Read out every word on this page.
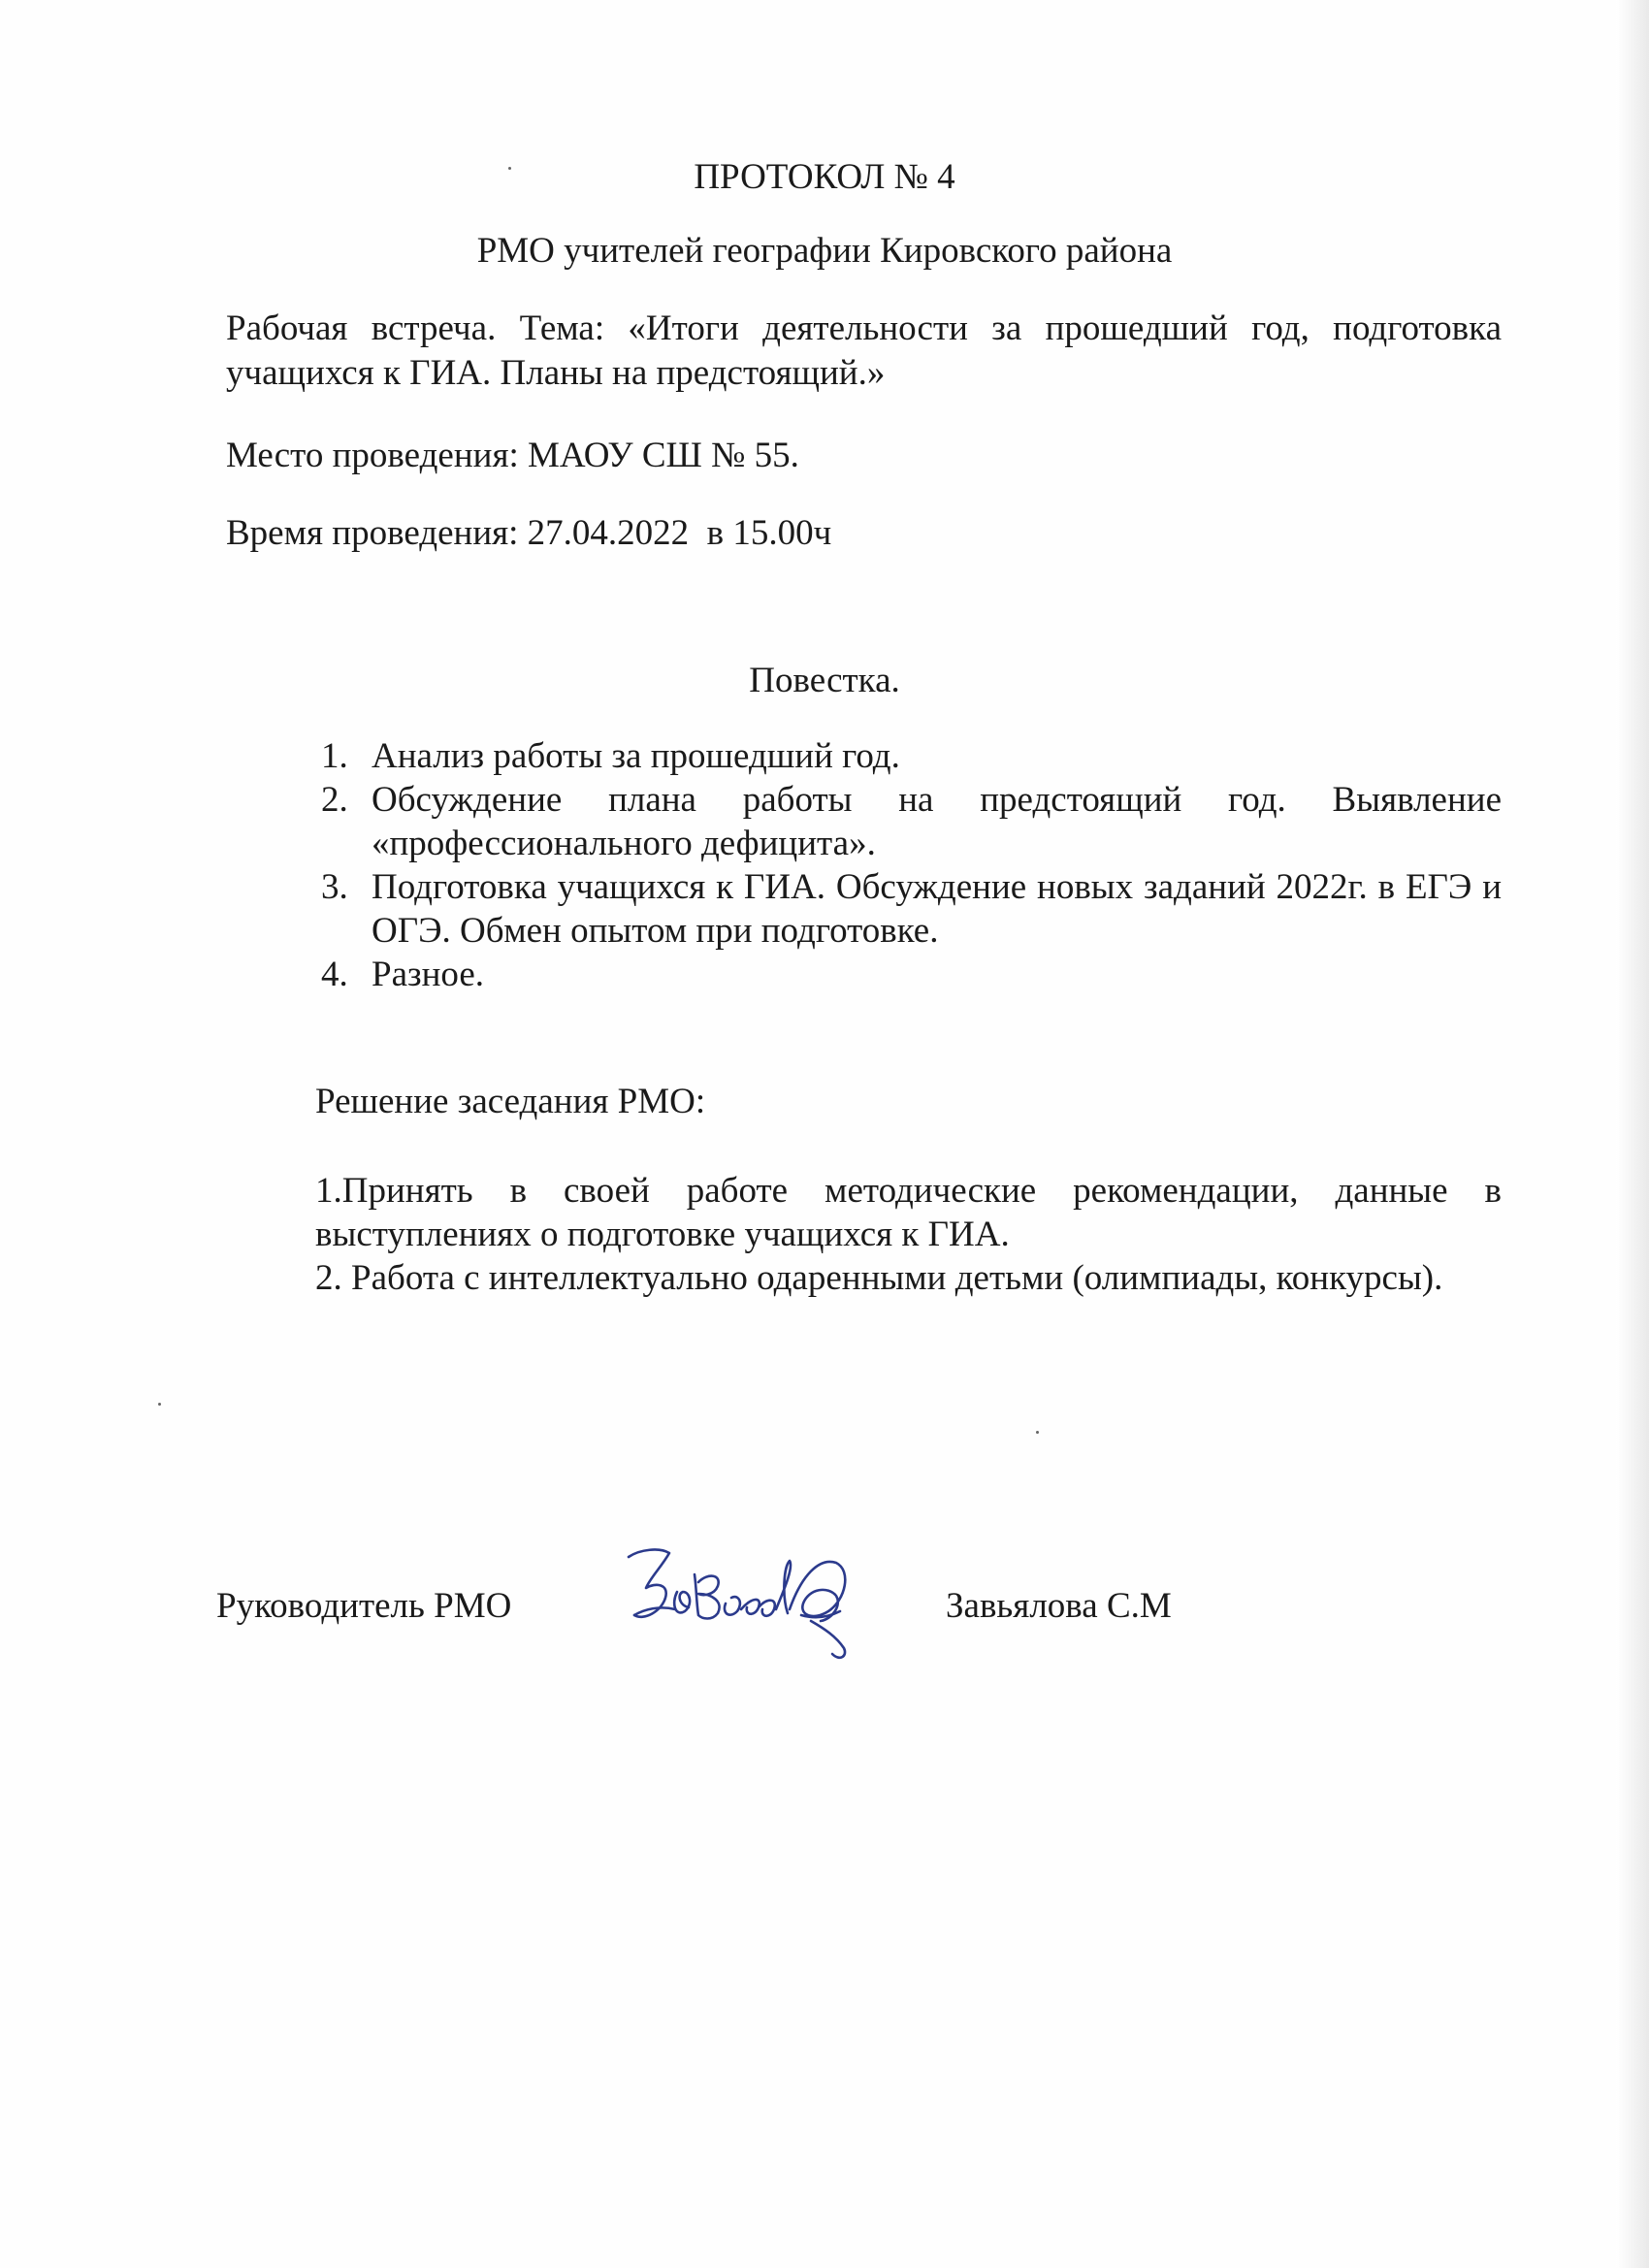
ПРОТОКОЛ № 4
РМО учителей географии Кировского района
Рабочая встреча. Тема: «Итоги деятельности за прошедший год, подготовка учащихся к ГИА. Планы на предстоящий.»
Место проведения: МАОУ СШ № 55.
Время проведения: 27.04.2022  в 15.00ч
Повестка.
1. Анализ работы за прошедший год.
2. Обсуждение плана работы на предстоящий год. Выявление «профессионального дефицита».
3. Подготовка учащихся к ГИА. Обсуждение новых заданий 2022г. в ЕГЭ и ОГЭ. Обмен опытом при подготовке.
4. Разное.
Решение заседания РМО:
1.Принять в своей работе методические рекомендации, данные в выступлениях о подготовке учащихся к ГИА.
2. Работа с интеллектуально одаренными детьми (олимпиады, конкурсы).
Руководитель РМО	Завьялова С.М
